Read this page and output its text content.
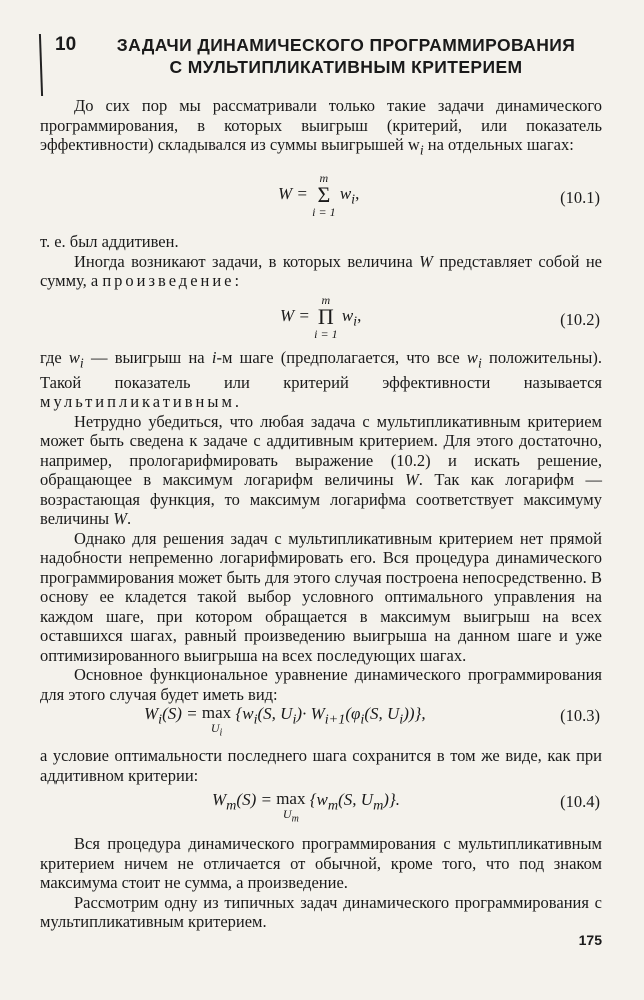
10	ЗАДАЧИ ДИНАМИЧЕСКОГО ПРОГРАММИРОВАНИЯ
С МУЛЬТИПЛИКАТИВНЫМ КРИТЕРИЕМ

До сих пор мы рассматривали только такие задачи динамического программирования, в которых выигрыш (критерий, или показатель эффективности) складывался из суммы выигрышей $w_i$ на отдельных шагах:

W =
m
Σ
i = 1
$w_i$,	(10.1)

т. е. был аддитивен.

Иногда возникают задачи, в которых величина W представляет собой не сумму, а произведение:

W =
m
Π
i = 1
$w_i$,	(10.2)

где $w_i$ — выигрыш на i-м шаге (предполагается, что все $w_i$ положительны). Такой показатель или критерий эффективности называется мультипликативным.

Нетрудно убедиться, что любая задача с мультипликативным критерием может быть сведена к задаче с аддитивным критерием. Для этого достаточно, например, прологарифмировать выражение (10.2) и искать решение, обращающее в максимум логарифм величины W. Так как логарифм — возрастающая функция, то максимум логарифма соответствует максимуму величины W.

Однако для решения задач с мультипликативным критерием нет прямой надобности непременно логарифмировать его. Вся процедура динамического программирования может быть для этого случая построена непосредственно. В основу ее кладется такой выбор условного оптимального управления на каждом шаге, при котором обращается в максимум выигрыш на всех оставшихся шагах, равный произведению выигрыша на данном шаге и уже оптимизированного выигрыша на всех последующих шагах.

Основное функциональное уравнение динамического программирования для этого случая будет иметь вид:

$W_i(S) = \max$
$U_i$
{$w_i(S$, $U_i)\cdot W_{i+1}(\varphi_i(S$, $U_i$))},	(10.3)

а условие оптимальности последнего шага сохранится в том же виде, как при аддитивном критерии:

$W_m(S) = \max$
$U_m$
{$w_m(S$, $U_m$)}.	(10.4)

Вся процедура динамического программирования с мультипликативным критерием ничем не отличается от обычной, кроме того, что под знаком максимума стоит не сумма, а произведение.

Рассмотрим одну из типичных задач динамического программирования с мультипликативным критерием.

175
